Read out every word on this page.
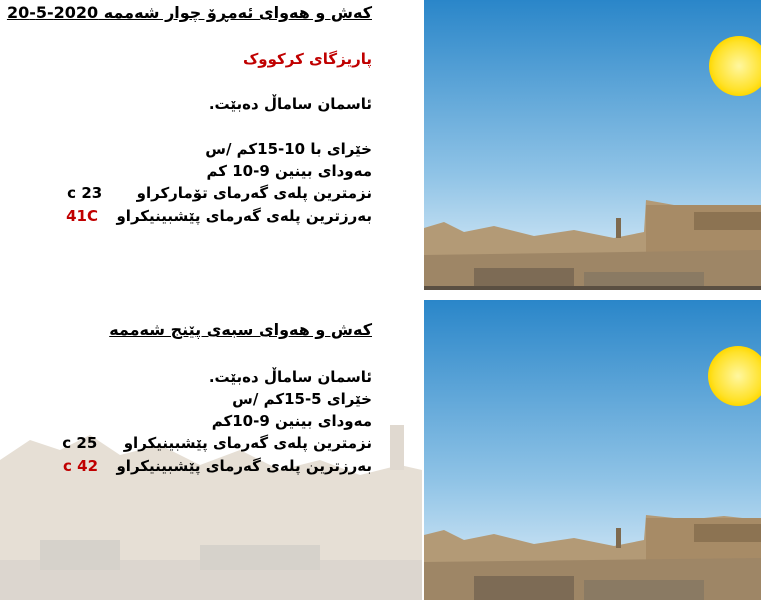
کەش و هەوای ئەمڕۆ چوار شەممە 2020-5-20
پاریزگای کرکووک
ئاسمان ساماڵ دەبێت.
خێرای با 10-15کم /س
مەودای بینین 9-10 کم
نزمترین پلەی گەرمای تۆمارکراو  23 c
بەرزترین پلەی گەرمای پێشبینیکراو  41C
کەش و هەوای سبەی پێنج شەممە
ئاسمان ساماڵ دەبێت.
خێرای 5-15کم /س
مەودای بینین 9-10کم
نزمترین پلەی گەرمای پێشبینیکراو  25 c
بەرزترین پلەی گەرمای پێشبینیکراو  42 c
